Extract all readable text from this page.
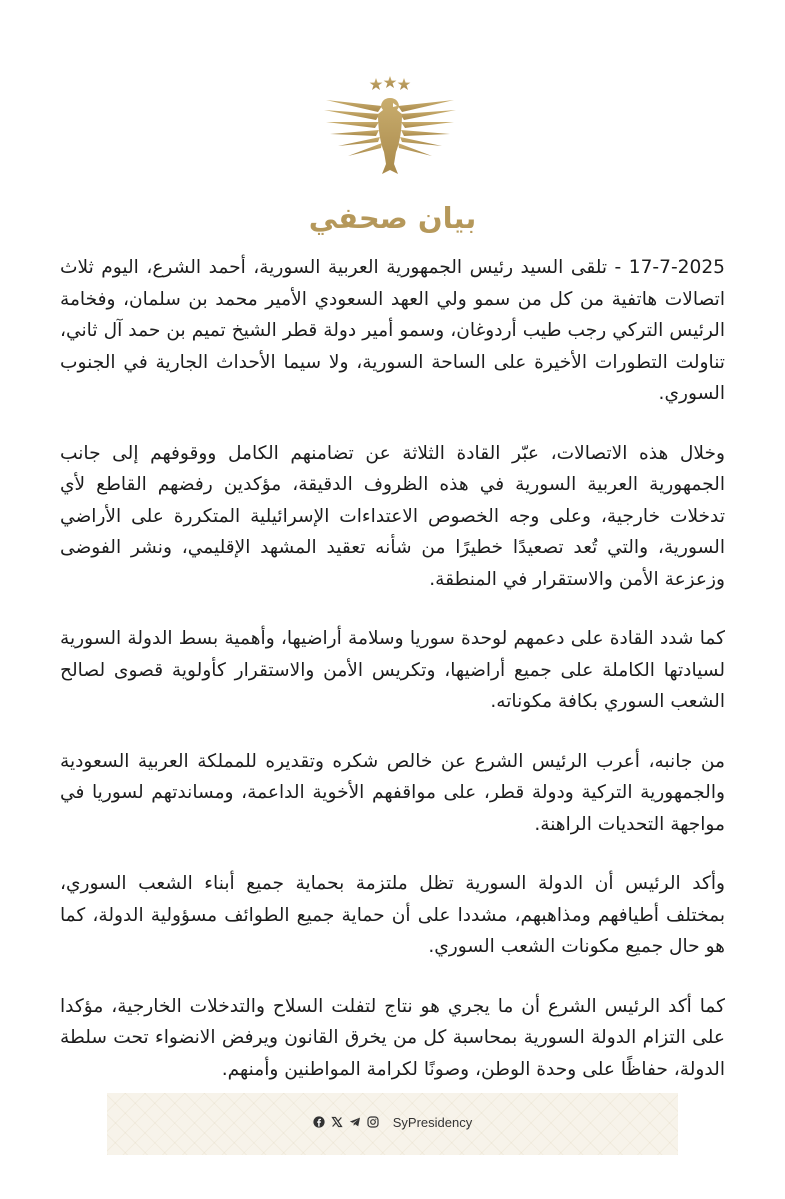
بيان صحفي

17-7-2025 - تلقى السيد رئيس الجمهورية العربية السورية، أحمد الشرع، اليوم ثلاث اتصالات هاتفية من كل من سمو ولي العهد السعودي الأمير محمد بن سلمان، وفخامة الرئيس التركي رجب طيب أردوغان، وسمو أمير دولة قطر الشيخ تميم بن حمد آل ثاني، تناولت التطورات الأخيرة على الساحة السورية، ولا سيما الأحداث الجارية في الجنوب السوري.

وخلال هذه الاتصالات، عبّر القادة الثلاثة عن تضامنهم الكامل ووقوفهم إلى جانب الجمهورية العربية السورية في هذه الظروف الدقيقة، مؤكدين رفضهم القاطع لأي تدخلات خارجية، وعلى وجه الخصوص الاعتداءات الإسرائيلية المتكررة على الأراضي السورية، والتي تُعد تصعيدًا خطيرًا من شأنه تعقيد المشهد الإقليمي، ونشر الفوضى وزعزعة الأمن والاستقرار في المنطقة.

كما شدد القادة على دعمهم لوحدة سوريا وسلامة أراضيها، وأهمية بسط الدولة السورية لسيادتها الكاملة على جميع أراضيها، وتكريس الأمن والاستقرار كأولوية قصوى لصالح الشعب السوري بكافة مكوناته.

من جانبه، أعرب الرئيس الشرع عن خالص شكره وتقديره للمملكة العربية السعودية والجمهورية التركية ودولة قطر، على مواقفهم الأخوية الداعمة، ومساندتهم لسوريا في مواجهة التحديات الراهنة.

وأكد الرئيس أن الدولة السورية تظل ملتزمة بحماية جميع أبناء الشعب السوري، بمختلف أطيافهم ومذاهبهم، مشددا على أن حماية جميع الطوائف مسؤولية الدولة، كما هو حال جميع مكونات الشعب السوري.

كما أكد الرئيس الشرع أن ما يجري هو نتاج لتفلت السلاح والتدخلات الخارجية، مؤكدا على التزام الدولة السورية بمحاسبة كل من يخرق القانون ويرفض الانضواء تحت سلطة الدولة، حفاظًا على وحدة الوطن، وصونًا لكرامة المواطنين وأمنهم.

SyPresidency
